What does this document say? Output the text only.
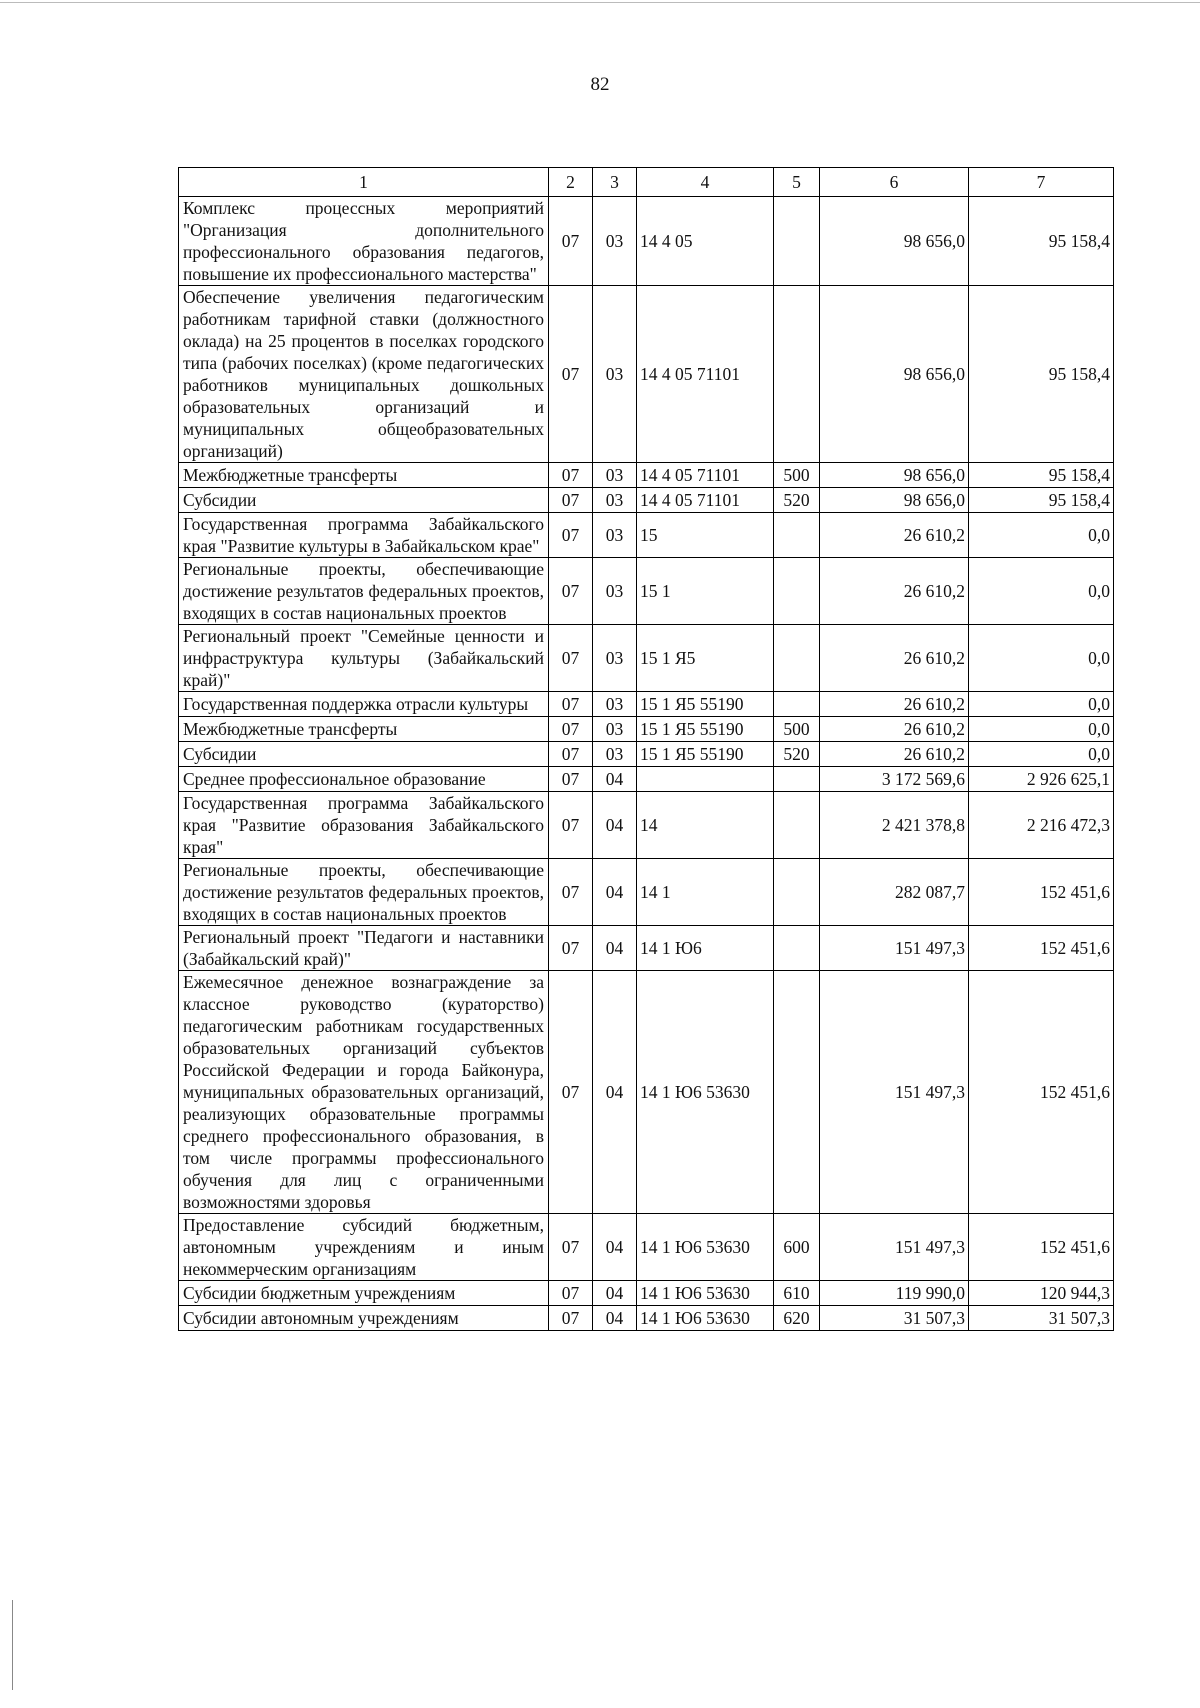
82
1	2	3	4	5	6	7
Комплекс процессных мероприятий "Организация дополнительного профессионального образования педагогов, повышение их профессионального мастерства"	07	03	14 4 05		98 656,0	95 158,4
Обеспечение увеличения педагогическим работникам тарифной ставки (должностного оклада) на 25 процентов в поселках городского типа (рабочих поселках) (кроме педагогических работников муниципальных дошкольных образовательных организаций и муниципальных общеобразовательных организаций)	07	03	14 4 05 71101		98 656,0	95 158,4
Межбюджетные трансферты	07	03	14 4 05 71101	500	98 656,0	95 158,4
Субсидии	07	03	14 4 05 71101	520	98 656,0	95 158,4
Государственная программа Забайкальского края "Развитие культуры в Забайкальском крае"	07	03	15		26 610,2	0,0
Региональные проекты, обеспечивающие достижение результатов федеральных проектов, входящих в состав национальных проектов	07	03	15 1		26 610,2	0,0
Региональный проект "Семейные ценности и инфраструктура культуры (Забайкальский край)"	07	03	15 1 Я5		26 610,2	0,0
Государственная поддержка отрасли культуры	07	03	15 1 Я5 55190		26 610,2	0,0
Межбюджетные трансферты	07	03	15 1 Я5 55190	500	26 610,2	0,0
Субсидии	07	03	15 1 Я5 55190	520	26 610,2	0,0
Среднее профессиональное образование	07	04			3 172 569,6	2 926 625,1
Государственная программа Забайкальского края "Развитие образования Забайкальского края"	07	04	14		2 421 378,8	2 216 472,3
Региональные проекты, обеспечивающие достижение результатов федеральных проектов, входящих в состав национальных проектов	07	04	14 1		282 087,7	152 451,6
Региональный проект "Педагоги и наставники (Забайкальский край)"	07	04	14 1 Ю6		151 497,3	152 451,6
Ежемесячное денежное вознаграждение за классное руководство (кураторство) педагогическим работникам государственных образовательных организаций субъектов Российской Федерации и города Байконура, муниципальных образовательных организаций, реализующих образовательные программы среднего профессионального образования, в том числе программы профессионального обучения для лиц с ограниченными возможностями здоровья	07	04	14 1 Ю6 53630		151 497,3	152 451,6
Предоставление субсидий бюджетным, автономным учреждениям и иным некоммерческим организациям	07	04	14 1 Ю6 53630	600	151 497,3	152 451,6
Субсидии бюджетным учреждениям	07	04	14 1 Ю6 53630	610	119 990,0	120 944,3
Субсидии автономным учреждениям	07	04	14 1 Ю6 53630	620	31 507,3	31 507,3
